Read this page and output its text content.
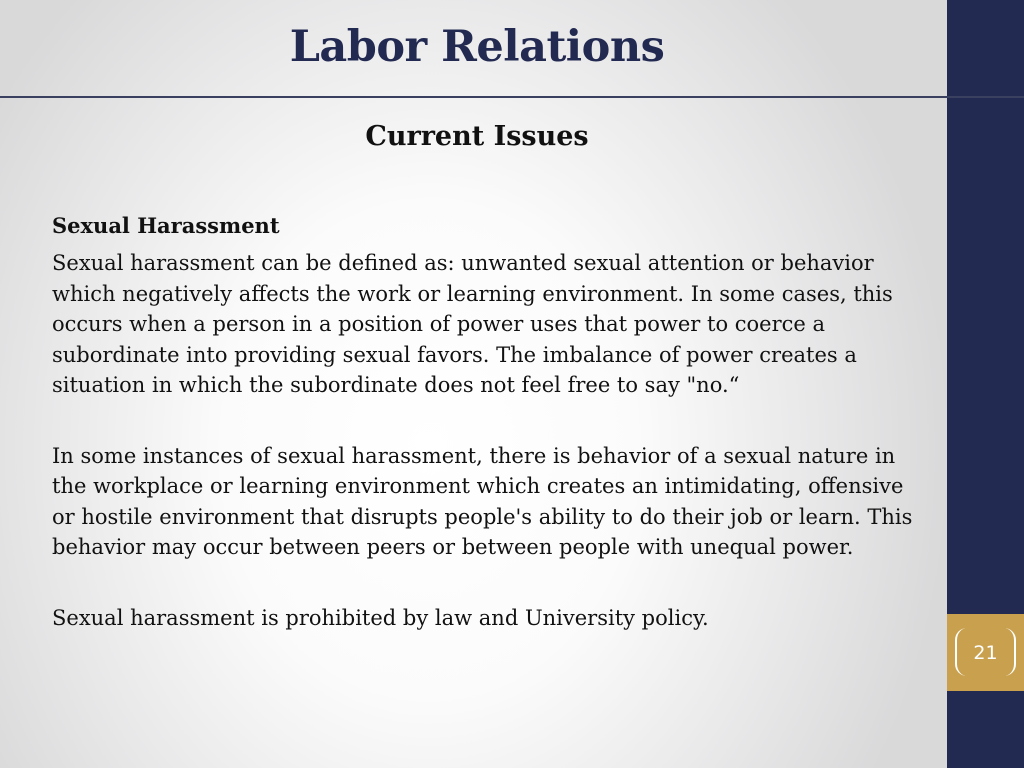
21
Labor Relations
Current Issues

Sexual Harassment

Sexual harassment can be defined as: unwanted sexual attention or behavior which negatively affects the work or learning environment. In some cases, this occurs when a person in a position of power uses that power to coerce a subordinate into providing sexual favors. The imbalance of power creates a situation in which the subordinate does not feel free to say "no.“

In some instances of sexual harassment, there is behavior of a sexual nature in the workplace or learning environment which creates an intimidating, offensive or hostile environment that disrupts people's ability to do their job or learn. This behavior may occur between peers or between people with unequal power.

Sexual harassment is prohibited by law and University policy.
